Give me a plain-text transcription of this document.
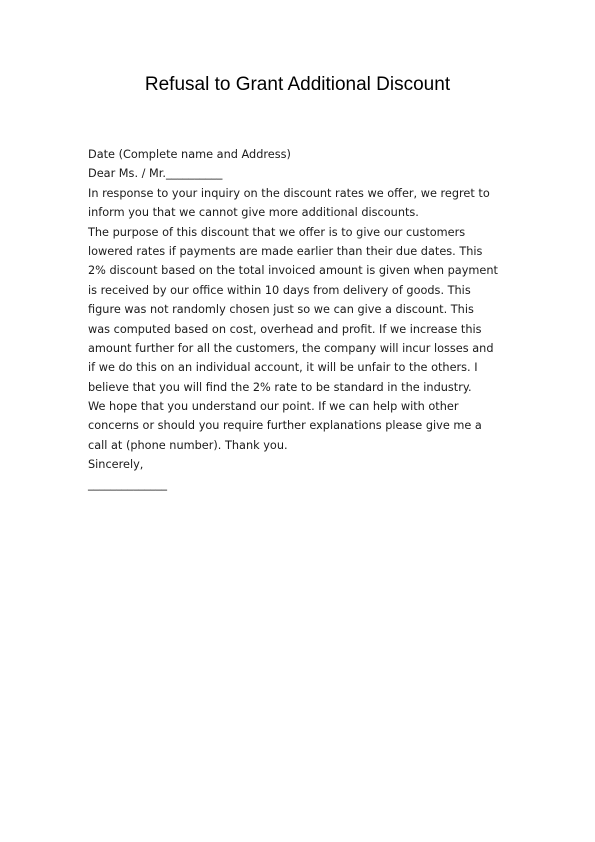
Refusal to Grant Additional Discount
Date (Complete name and Address)
Dear Ms. / Mr.__________
In response to your inquiry on the discount rates we offer, we regret to
inform you that we cannot give more additional discounts.
The purpose of this discount that we offer is to give our customers
lowered rates if payments are made earlier than their due dates. This
2% discount based on the total invoiced amount is given when payment
is received by our office within 10 days from delivery of goods. This
figure was not randomly chosen just so we can give a discount. This
was computed based on cost, overhead and profit. If we increase this
amount further for all the customers, the company will incur losses and
if we do this on an individual account, it will be unfair to the others. I
believe that you will find the 2% rate to be standard in the industry.
We hope that you understand our point. If we can help with other
concerns or should you require further explanations please give me a
call at (phone number). Thank you.
Sincerely,
______________
